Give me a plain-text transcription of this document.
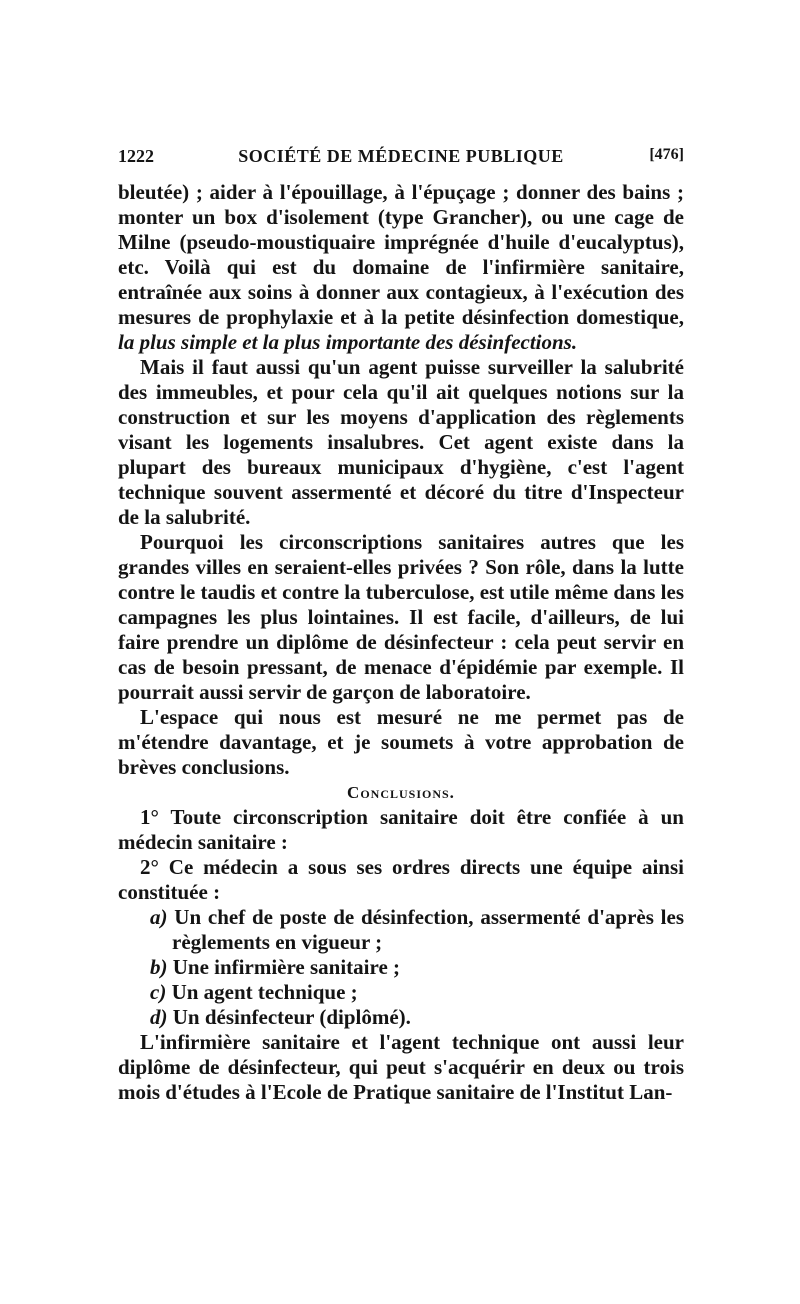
1222	SOCIÉTÉ DE MÉDECINE PUBLIQUE	[476]

bleutée) ; aider à l'épouillage, à l'épuçage ; donner des bains ; monter un box d'isolement (type Grancher), ou une cage de Milne (pseudo-moustiquaire imprégnée d'huile d'eucalyptus), etc. Voilà qui est du domaine de l'infirmière sanitaire, entraînée aux soins à donner aux contagieux, à l'exécution des mesures de prophylaxie et à la petite désinfection domestique, la plus simple et la plus importante des désinfections.

Mais il faut aussi qu'un agent puisse surveiller la salubrité des immeubles, et pour cela qu'il ait quelques notions sur la construction et sur les moyens d'application des règlements visant les logements insalubres. Cet agent existe dans la plupart des bureaux municipaux d'hygiène, c'est l'agent technique souvent assermenté et décoré du titre d'Inspecteur de la salubrité.

Pourquoi les circonscriptions sanitaires autres que les grandes villes en seraient-elles privées ? Son rôle, dans la lutte contre le taudis et contre la tuberculose, est utile même dans les campagnes les plus lointaines. Il est facile, d'ailleurs, de lui faire prendre un diplôme de désinfecteur : cela peut servir en cas de besoin pressant, de menace d'épidémie par exemple. Il pourrait aussi servir de garçon de laboratoire.

L'espace qui nous est mesuré ne me permet pas de m'étendre davantage, et je soumets à votre approbation de brèves conclusions.

Conclusions.

1° Toute circonscription sanitaire doit être confiée à un médecin sanitaire :

2° Ce médecin a sous ses ordres directs une équipe ainsi constituée :

a) Un chef de poste de désinfection, assermenté d'après les règlements en vigueur ;

b) Une infirmière sanitaire ;

c) Un agent technique ;

d) Un désinfecteur (diplômé).

L'infirmière sanitaire et l'agent technique ont aussi leur diplôme de désinfecteur, qui peut s'acquérir en deux ou trois mois d'études à l'Ecole de Pratique sanitaire de l'Institut Lan-
